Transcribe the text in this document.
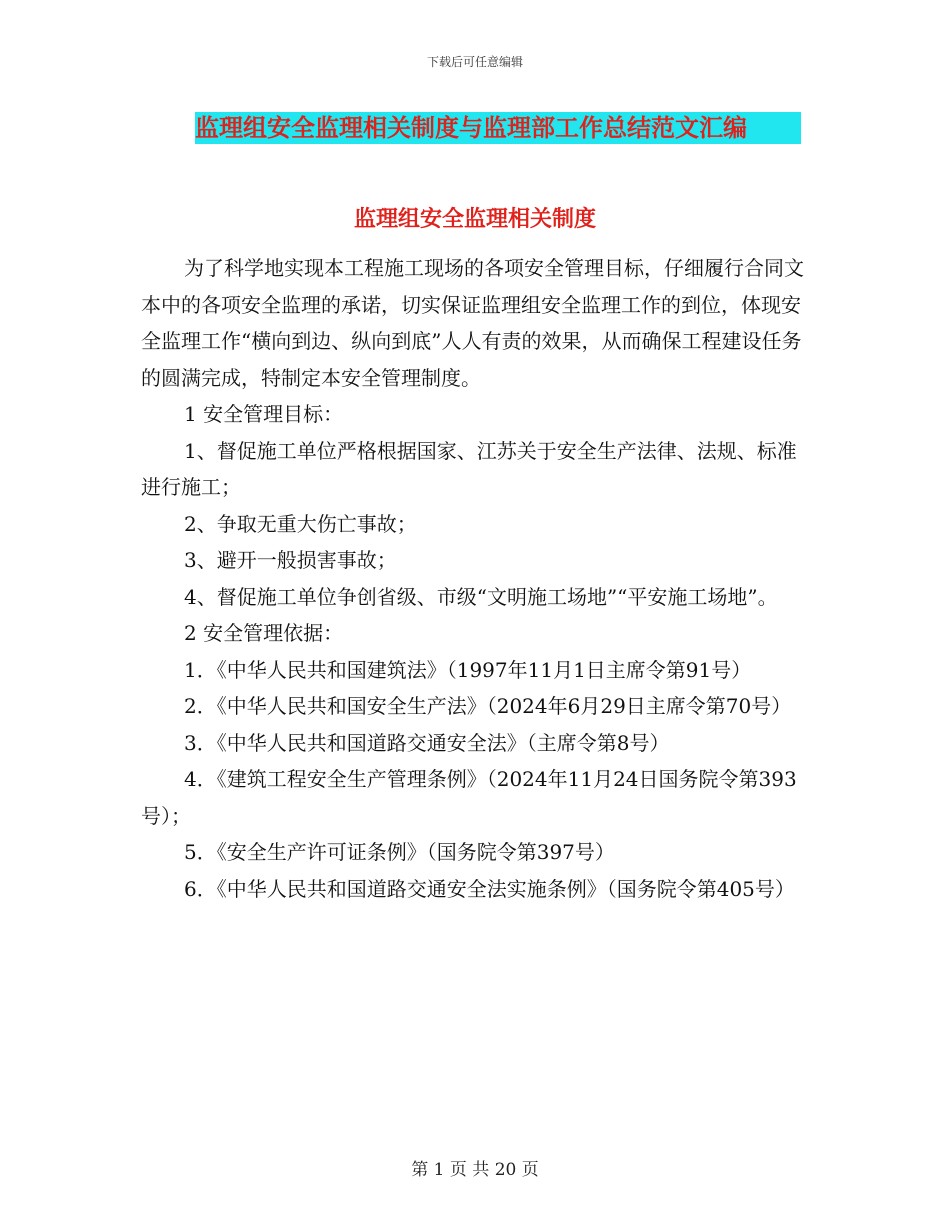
下载后可任意编辑
监理组安全监理相关制度与监理部工作总结范文汇编
监理组安全监理相关制度

为了科学地实现本工程施工现场的各项安全管理目标，仔细履行合同文本中的各项安全监理的承诺，切实保证监理组安全监理工作的到位，体现安全监理工作“横向到边、纵向到底”人人有责的效果，从而确保工程建设任务的圆满完成，特制定本安全管理制度。

1 安全管理目标：

1、督促施工单位严格根据国家、江苏关于安全生产法律、法规、标准进行施工；

2、争取无重大伤亡事故；

3、避开一般损害事故；

4、督促施工单位争创省级、市级“文明施工场地”“平安施工场地”。

2 安全管理依据：

1．《中华人民共和国建筑法》（1997年11月1日主席令第91号）

2．《中华人民共和国安全生产法》（2024年6月29日主席令第70号）

3．《中华人民共和国道路交通安全法》（主席令第8号）

4．《建筑工程安全生产管理条例》（2024年11月24日国务院令第393号）；

5．《安全生产许可证条例》（国务院令第397号）

6．《中华人民共和国道路交通安全法实施条例》（国务院令第405号）

第 1 页 共 20 页
